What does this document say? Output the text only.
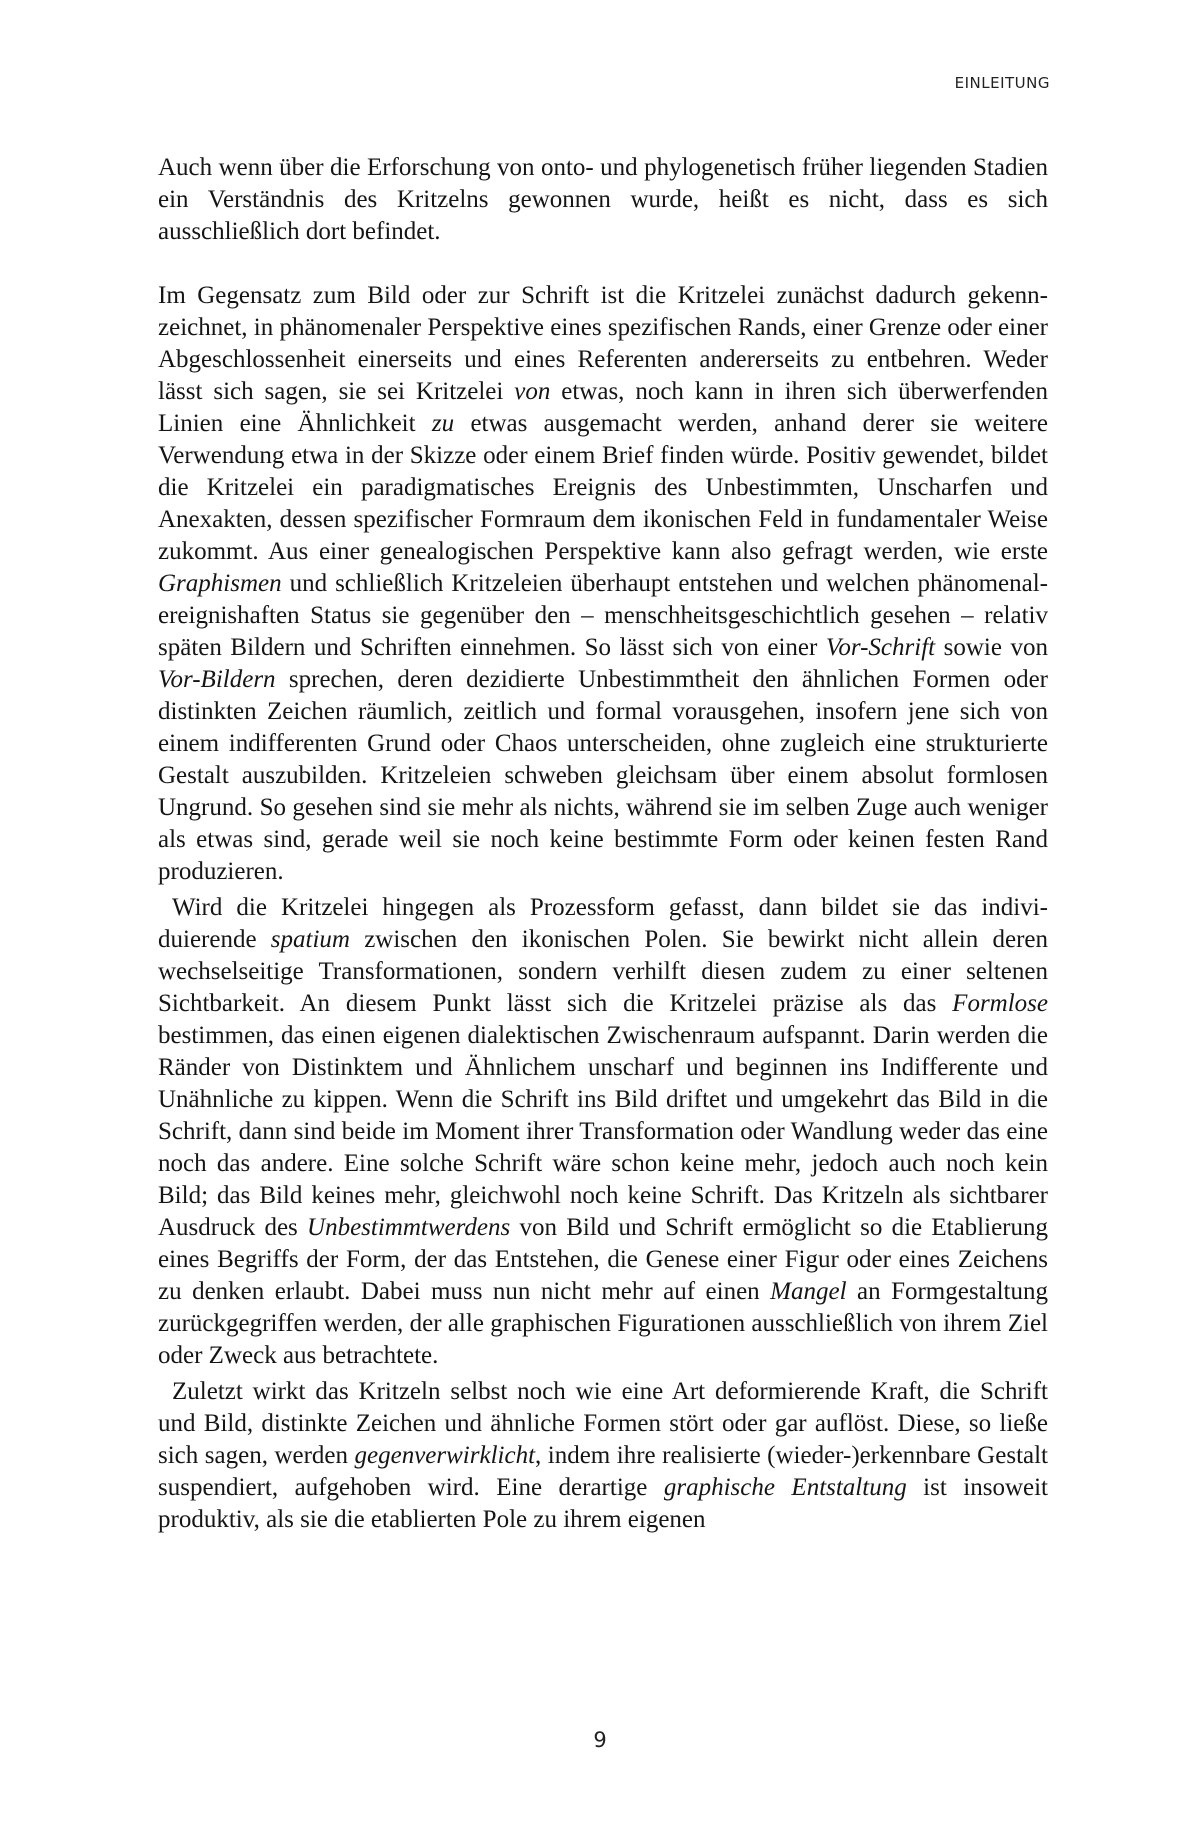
EINLEITUNG

Auch wenn über die Erforschung von onto- und phylogenetisch früher liegenden Stadien ein Verständnis des Kritzelns gewonnen wurde, heißt es nicht, dass es sich ausschließlich dort befindet.

Im Gegensatz zum Bild oder zur Schrift ist die Kritzelei zunächst dadurch gekennzeichnet, in phänomenaler Perspektive eines spezifischen Rands, einer Grenze oder einer Abgeschlossenheit einerseits und eines Referenten andererseits zu entbehren. Weder lässt sich sagen, sie sei Kritzelei von etwas, noch kann in ihren sich überwerfenden Linien eine Ähnlichkeit zu etwas ausgemacht werden, anhand derer sie weitere Verwendung etwa in der Skizze oder einem Brief finden würde. Positiv gewendet, bildet die Kritzelei ein paradigmatisches Ereignis des Unbestimmten, Unscharfen und Anexakten, dessen spezifischer Formraum dem ikonischen Feld in fundamentaler Weise zukommt. Aus einer genealogischen Perspektive kann also gefragt werden, wie erste Graphismen und schließlich Kritzeleien überhaupt entstehen und welchen phänomenal-ereignishaften Status sie gegenüber den – menschheitsgeschichtlich gesehen – relativ späten Bildern und Schriften einnehmen. So lässt sich von einer Vor-Schrift sowie von Vor-Bildern sprechen, deren dezidierte Unbestimmtheit den ähnlichen Formen oder distinkten Zeichen räumlich, zeitlich und formal vorausgehen, insofern jene sich von einem indifferenten Grund oder Chaos unterscheiden, ohne zugleich eine strukturierte Gestalt auszubilden. Kritzeleien schweben gleichsam über einem absolut formlosen Ungrund. So gesehen sind sie mehr als nichts, während sie im selben Zuge auch weniger als etwas sind, gerade weil sie noch keine bestimmte Form oder keinen festen Rand produzieren.

Wird die Kritzelei hingegen als Prozessform gefasst, dann bildet sie das individuierende spatium zwischen den ikonischen Polen. Sie bewirkt nicht allein deren wechselseitige Transformationen, sondern verhilft diesen zudem zu einer seltenen Sichtbarkeit. An diesem Punkt lässt sich die Kritzelei präzise als das Formlose bestimmen, das einen eigenen dialektischen Zwischenraum aufspannt. Darin werden die Ränder von Distinktem und Ähnlichem unscharf und beginnen ins Indifferente und Unähnliche zu kippen. Wenn die Schrift ins Bild driftet und umgekehrt das Bild in die Schrift, dann sind beide im Moment ihrer Transformation oder Wandlung weder das eine noch das andere. Eine solche Schrift wäre schon keine mehr, jedoch auch noch kein Bild; das Bild keines mehr, gleichwohl noch keine Schrift. Das Kritzeln als sichtbarer Ausdruck des Unbestimmtwerdens von Bild und Schrift ermöglicht so die Etablierung eines Begriffs der Form, der das Entstehen, die Genese einer Figur oder eines Zeichens zu denken erlaubt. Dabei muss nun nicht mehr auf einen Mangel an Formgestaltung zurückgegriffen werden, der alle graphischen Figurationen ausschließlich von ihrem Ziel oder Zweck aus betrachtete.

Zuletzt wirkt das Kritzeln selbst noch wie eine Art deformierende Kraft, die Schrift und Bild, distinkte Zeichen und ähnliche Formen stört oder gar auflöst. Diese, so ließe sich sagen, werden gegenverwirklicht, indem ihre realisierte (wieder-)erkennbare Gestalt suspendiert, aufgehoben wird. Eine derartige graphische Entstaltung ist insoweit produktiv, als sie die etablierten Pole zu ihrem eigenen

9
